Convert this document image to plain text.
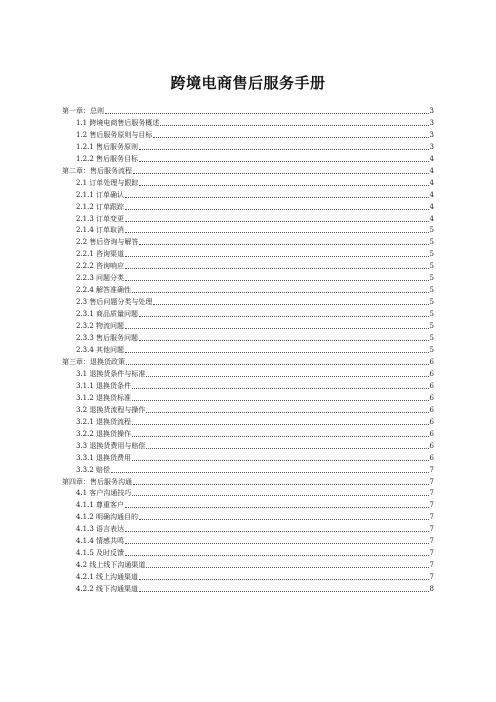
跨境电商售后服务手册
第一章：总则	3
1.1 跨境电商售后服务概述	3
1.2 售后服务原则与目标	3
1.2.1 售后服务原则	3
1.2.2 售后服务目标	4
第二章：售后服务流程	4
2.1 订单处理与跟踪	4
2.1.1 订单确认	4
2.1.2 订单跟踪	4
2.1.3 订单变更	4
2.1.4 订单取消	5
2.2 售后咨询与解答	5
2.2.1 咨询渠道	5
2.2.2 咨询响应	5
2.2.3 问题分类	5
2.2.4 解答准确性	5
2.3 售后问题分类与处理	5
2.3.1 商品质量问题	5
2.3.2 物流问题	5
2.3.3 售后服务问题	5
2.3.4 其他问题	5
第三章：退换货政策	6
3.1 退换货条件与标准	6
3.1.1 退换货条件	6
3.1.2 退换货标准	6
3.2 退换货流程与操作	6
3.2.1 退换货流程	6
3.2.2 退换货操作	6
3.3 退换货费用与赔偿	6
3.3.1 退换货费用	6
3.3.2 赔偿	7
第四章：售后服务沟通	7
4.1 客户沟通技巧	7
4.1.1 尊重客户	7
4.1.2 明确沟通目的	7
4.1.3 语言表达	7
4.1.4 情感共鸣	7
4.1.5 及时反馈	7
4.2 线上线下沟通渠道	7
4.2.1 线上沟通渠道	7
4.2.2 线下沟通渠道	8
